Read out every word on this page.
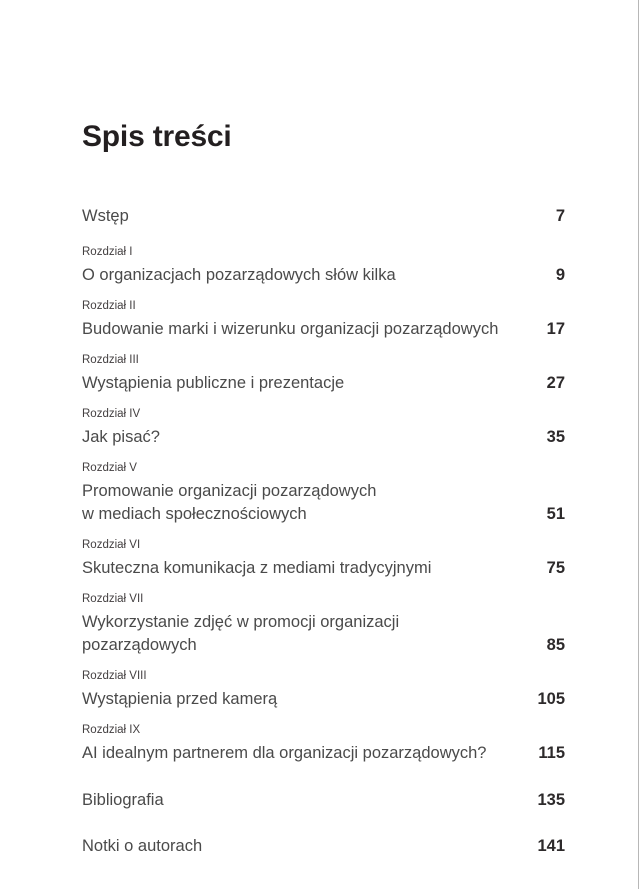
Spis treści
Wstęp	7
Rozdział I
O organizacjach pozarządowych słów kilka	9
Rozdział II
Budowanie marki i wizerunku organizacji pozarządowych	17
Rozdział III
Wystąpienia publiczne i prezentacje	27
Rozdział IV
Jak pisać?	35
Rozdział V
Promowanie organizacji pozarządowych
w mediach społecznościowych	51
Rozdział VI
Skuteczna komunikacja z mediami tradycyjnymi	75
Rozdział VII
Wykorzystanie zdjęć w promocji organizacji pozarządowych	85
Rozdział VIII
Wystąpienia przed kamerą	105
Rozdział IX
AI idealnym partnerem dla organizacji pozarządowych?	115
Bibliografia	135
Notki o autorach	141
